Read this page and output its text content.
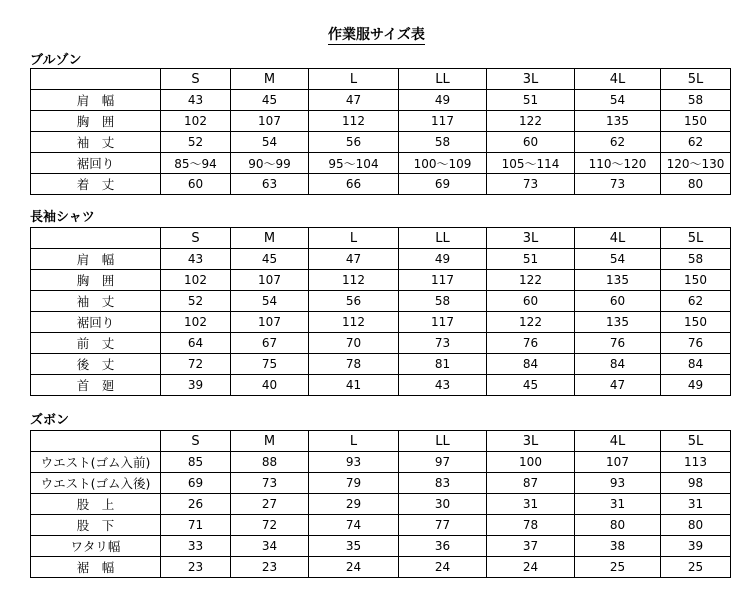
作業服サイズ表
ブルゾン
	S	M	L	LL	3L	4L	5L
肩　幅	43	45	47	49	51	54	58
胸　囲	102	107	112	117	122	135	150
袖　丈	52	54	56	58	60	62	62
裾回り	85～94	90～99	95～104	100～109	105～114	110～120	120～130
着　丈	60	63	66	69	73	73	80
長袖シャツ
	S	M	L	LL	3L	4L	5L
肩　幅	43	45	47	49	51	54	58
胸　囲	102	107	112	117	122	135	150
袖　丈	52	54	56	58	60	60	62
裾回り	102	107	112	117	122	135	150
前　丈	64	67	70	73	76	76	76
後　丈	72	75	78	81	84	84	84
首　廻	39	40	41	43	45	47	49
ズボン
	S	M	L	LL	3L	4L	5L
ウエスト(ゴム入前)	85	88	93	97	100	107	113
ウエスト(ゴム入後)	69	73	79	83	87	93	98
股　上	26	27	29	30	31	31	31
股　下	71	72	74	77	78	80	80
ワタリ幅	33	34	35	36	37	38	39
裾　幅	23	23	24	24	24	25	25
